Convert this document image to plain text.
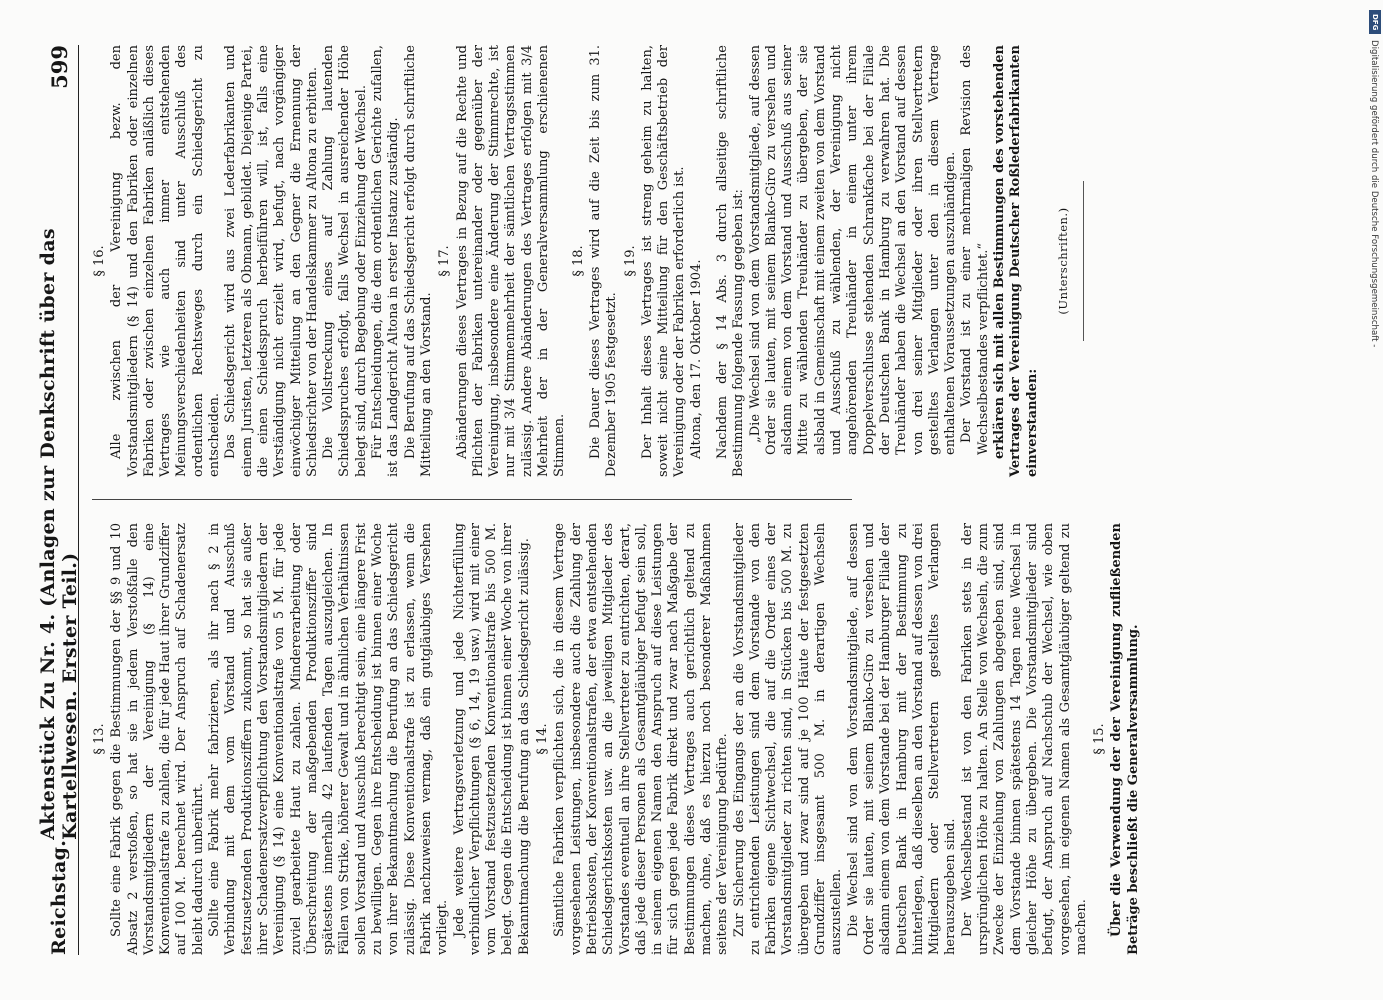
Reichstag.
Aktenstück Zu Nr. 4. (Anlagen zur Denkschrift über das Kartellwesen. Erster Teil.)
599
§ 13. Sollte eine Fabrik gegen die Bestimmungen der §§ 9 und 10 Absatz 2 verstoßen, so hat sie in jedem Verstoßfalle den Vorstandsmitgliedern der Vereinigung (§ 14) eine Konventionalstrafe zu zahlen, die für jede Haut ihrer Grundziffer auf 100 M. berechnet wird. Der Anspruch auf Schadenersatz bleibt dadurch unberührt. Sollte eine Fabrik mehr fabrizieren, als ihr nach § 2 in Verbindung mit dem vom Vorstand und Ausschuß festzusetzenden Produktionsziffern zukommt, so hat sie außer ihrer Schadenersatzverpflichtung den Vorstandsmitgliedern der Vereinigung (§ 14) eine Konventionalstrafe von 5 M. für jede zuviel gearbeitete Haut zu zahlen. Mindererarbeitung oder Überschreitung der maßgebenden Produktionsziffer sind spätestens innerhalb 42 laufenden Tagen auszugleichen. In Fällen von Strike, höherer Gewalt und in ähnlichen Verhältnissen sollen Vorstand und Ausschuß berechtigt sein, eine längere Frist zu bewilligen. Gegen ihre Entscheidung ist binnen einer Woche von ihrer Bekanntmachung die Berufung an das Schiedsgericht zulässig. Diese Konventionalstrafe ist zu erlassen, wenn die Fabrik nachzuweisen vermag, daß ein gutgläubiges Versehen vorliegt. Jede weitere Vertragsverletzung und jede Nichterfüllung verbindlicher Verpflichtungen (§ 6, 14, 19 usw.) wird mit einer vom Vorstand festzusetzenden Konventionalstrafe bis 500 M. belegt. Gegen die Entscheidung ist binnen einer Woche von ihrer Bekanntmachung die Berufung an das Schiedsgericht zulässig. § 14. Sämtliche Fabriken verpflichten sich, die in diesem Vertrage vorgesehenen Leistungen, insbesondere auch die Zahlung der Betriebskosten, der Konventionalstrafen, der etwa entstehenden Schiedsgerichtskosten usw. an die jeweiligen Mitglieder des Vorstandes eventuell an ihre Stellvertreter zu entrichten, derart, daß jede dieser Personen als Gesamtgläubiger befugt sein soll, in seinem eigenen Namen den Anspruch auf diese Leistungen für sich gegen jede Fabrik direkt und zwar nach Maßgabe der Bestimmungen dieses Vertrages auch gerichtlich geltend zu machen, ohne, daß es hierzu noch besonderer Maßnahmen seitens der Vereinigung bedürfte. Zur Sicherung des Eingangs der an die Vorstandsmitglieder zu entrichtenden Leistungen sind dem Vorstande von den Fabriken eigene Sichtwechsel, die auf die Order eines der Vorstandsmitglieder zu richten sind, in Stücken bis 500 M. zu übergeben und zwar sind auf je 100 Häute der festgesetzten Grundziffer insgesamt 500 M. in derartigen Wechseln auszustellen. Die Wechsel sind von dem Vorstandsmitgliede, auf dessen Order sie lauten, mit seinem Blanko-Giro zu versehen und alsdann einem von dem Vorstande bei der Hamburger Filiale der Deutschen Bank in Hamburg mit der Bestimmung zu hinterlegen, daß dieselben an den Vorstand auf dessen von drei Mitgliedern oder Stellvertretern gestelltes Verlangen herauszugeben sind. Der Wechselbestand ist von den Fabriken stets in der ursprünglichen Höhe zu halten. An Stelle von Wechseln, die zum Zwecke der Einziehung von Zahlungen abgegeben sind, sind dem Vorstande binnen spätestens 14 Tagen neue Wechsel in gleicher Höhe zu übergeben. Die Vorstandsmitglieder sind befugt, der Anspruch auf Nachschub der Wechsel, wie oben vorgesehen, im eigenen Namen als Gesamtgläubiger geltend zu machen.

§ 15. Über die Verwendung der der Vereinigung zufließenden Beträge beschließt die Generalversammlung.

§ 16. Alle zwischen der Vereinigung bezw. den Vorstandsmitgliedern (§ 14) und den Fabriken oder einzelnen Fabriken oder zwischen einzelnen Fabriken anläßlich dieses Vertrages wie auch immer entstehenden Meinungsverschiedenheiten sind unter Ausschluß des ordentlichen Rechtsweges durch ein Schiedsgericht zu entscheiden. Das Schiedsgericht wird aus zwei Lederfabrikanten und einem Juristen, letzteren als Obmann, gebildet. Diejenige Partei, die einen Schiedsspruch herbeiführen will, ist, falls eine Verständigung nicht erzielt wird, befugt, nach vorgängiger einwöchiger Mitteilung an den Gegner die Ernennung der Schiedsrichter von der Handelskammer zu Altona zu erbitten. Die Vollstreckung eines auf Zahlung lautenden Schiedsspruches erfolgt, falls Wechsel in ausreichender Höhe belegt sind, durch Begebung oder Einziehung der Wechsel. Für Entscheidungen, die dem ordentlichen Gerichte zufallen, ist das Landgericht Altona in erster Instanz zuständig. Die Berufung auf das Schiedsgericht erfolgt durch schriftliche Mitteilung an den Vorstand.

§ 17. Abänderungen dieses Vertrages in Bezug auf die Rechte und Pflichten der Fabriken untereinander oder gegenüber der Vereinigung, insbesondere eine Änderung der Stimmrechte, ist nur mit 3/4 Stimmenmehrheit der sämtlichen Vertragsstimmen zulässig. Andere Abänderungen des Vertrages erfolgen mit 3/4 Mehrheit der in der Generalversammlung erschienenen Stimmen.

§ 18. Die Dauer dieses Vertrages wird auf die Zeit bis zum 31. Dezember 1905 festgesetzt.

§ 19. Der Inhalt dieses Vertrages ist streng geheim zu halten, soweit nicht seine Mitteilung für den Geschäftsbetrieb der Vereinigung oder der Fabriken erforderlich ist. Altona, den 17. Oktober 1904. Nachdem der § 14 Abs. 3 durch allseitige schriftliche Bestimmung folgende Fassung gegeben ist: „Die Wechsel sind von dem Vorstandsmitgliede, auf dessen Order sie lauten, mit seinem Blanko-Giro zu versehen und alsdann einem von dem Vorstand und Ausschuß aus seiner Mitte zu wählenden Treuhänder zu übergeben, der sie alsbald in Gemeinschaft mit einem zweiten von dem Vorstand und Ausschuß zu wählenden, der Vereinigung nicht angehörenden Treuhänder in einem unter ihrem Doppelverschlusse stehenden Schrankfache bei der Filiale der Deutschen Bank in Hamburg zu verwahren hat. Die Treuhänder haben die Wechsel an den Vorstand auf dessen von drei seiner Mitglieder oder ihren Stellvertretern gestelltes Verlangen unter den in diesem Vertrage enthaltenen Voraussetzungen auszuhändigen. Der Vorstand ist zu einer mehrmaligen Revision des Wechselbestandes verpflichtet.“ erklären sich mit allen Bestimmungen des vorstehenden Vertrages der Vereinigung Deutscher Roßlederfabrikanten einverstanden:

(Unterschriften.)
DFG
Digitalisierung gefördert durch die Deutsche Forschungsgemeinschaft -
